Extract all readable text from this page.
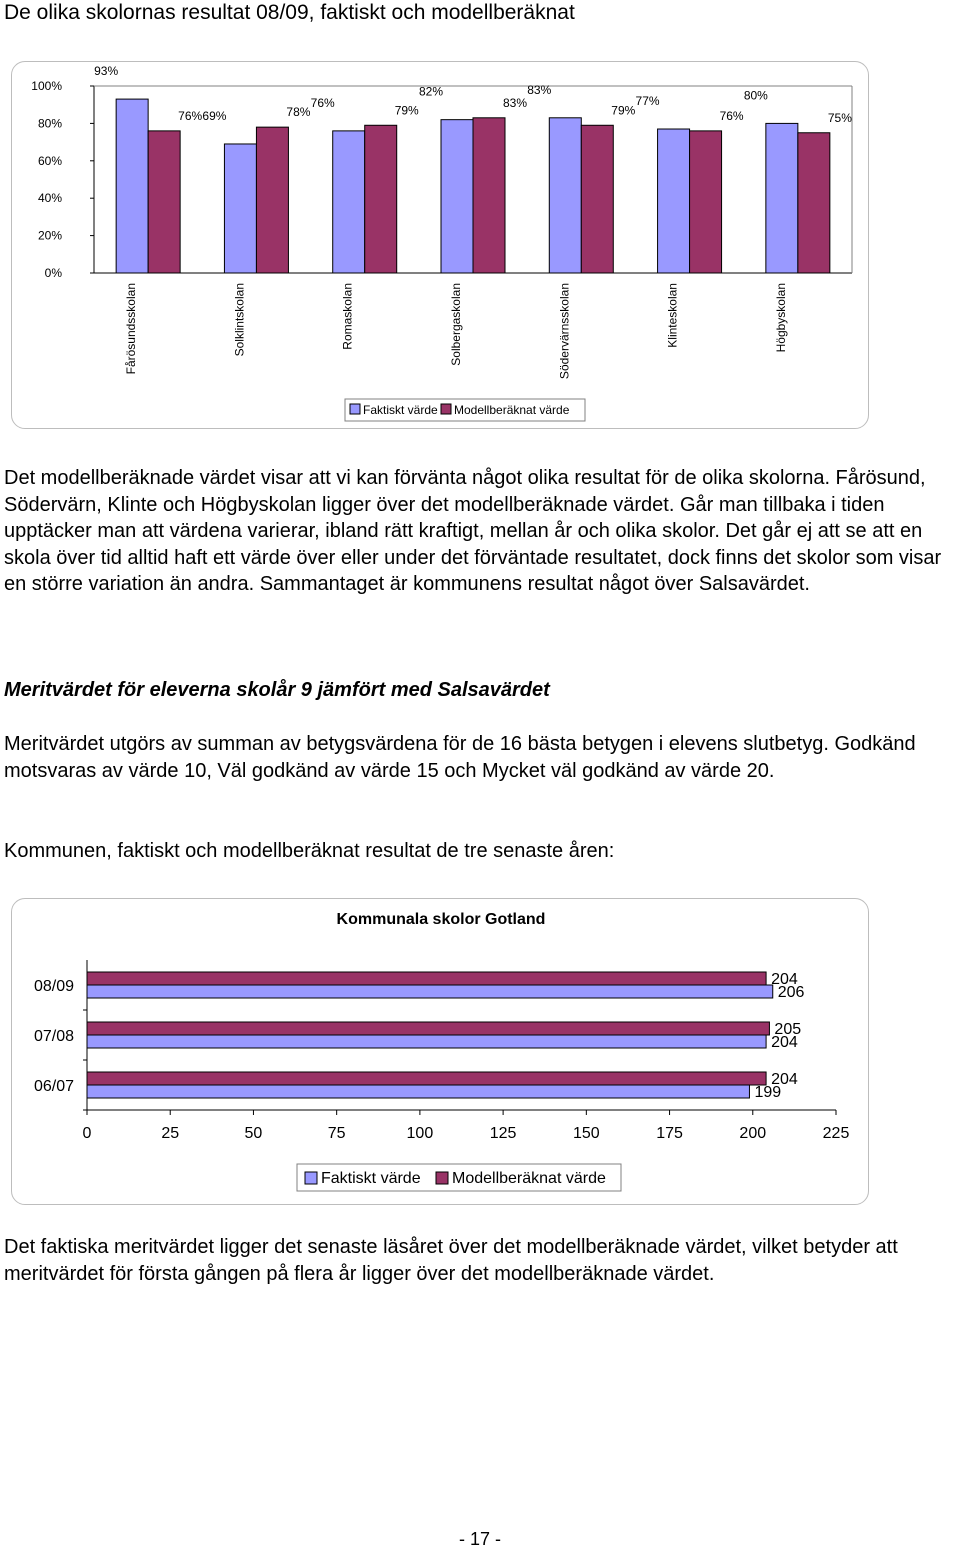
De olika skolornas resultat 08/09, faktiskt och modellberäknat
0%
20%
40%
60%
80%
100%
93%
76% 69%	78%
76%
79%
82%
83%
83%
79%
77%
76%
80%
75%
Fårösundsskolan	Solklintskolan	Romaskolan	Solbergaskolan	Södervärnsskolan	Klinteskolan	Högbyskolan
Faktiskt värde Modellberäknat värde

Det modellberäknade värdet visar att vi kan förvänta något olika resultat för de olika skolorna. Fårösund, Södervärn, Klinte och Högbyskolan ligger över det modellberäknade värdet. Går man tillbaka i tiden upptäcker man att värdena varierar, ibland rätt kraftigt, mellan år och olika skolor. Det går ej att se att en skola över tid alltid haft ett värde över eller under det förväntade resultatet, dock finns det skolor som visar en större variation än andra. Sammantaget är kommunens resultat något över Salsavärdet.

Meritvärdet för eleverna skolår 9 jämfört med Salsavärdet

Meritvärdet utgörs av summan av betygsvärdena för de 16 bästa betygen i elevens slutbetyg. Godkänd motsvaras av värde 10, Väl godkänd av värde 15 och Mycket väl godkänd av värde 20.

Kommunen, faktiskt och modellberäknat resultat de tre senaste åren:

Kommunala skolor Gotland
0	25	50	75	100	125	150	175	200	225
08/09
07/08
06/07
204
206
205
204
204
199
Faktiskt värde Modellberäknat värde

Det faktiska meritvärdet ligger det senaste läsåret över det modellberäknade värdet, vilket betyder att meritvärdet för första gången på flera år ligger över det modellberäknade värdet.

- 17 -
